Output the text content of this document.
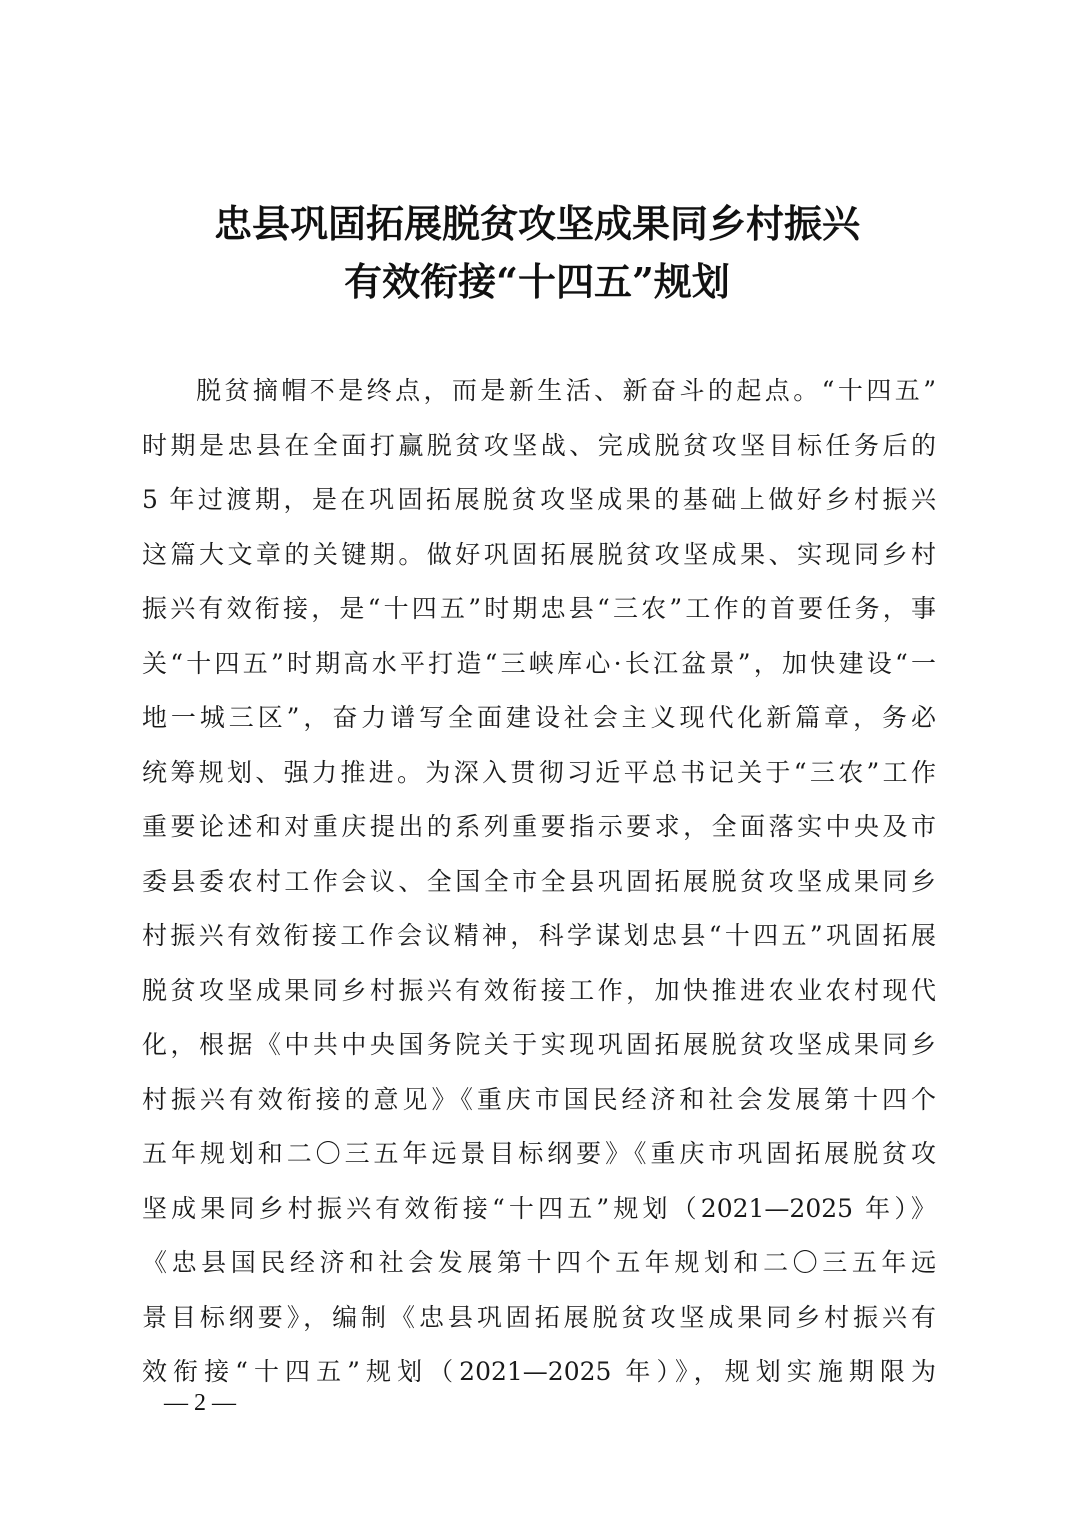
忠县巩固拓展脱贫攻坚成果同乡村振兴
有效衔接“十四五”规划
脱贫摘帽不是终点，而是新生活、新奋斗的起点。“十四五”
时期是忠县在全面打赢脱贫攻坚战、完成脱贫攻坚目标任务后的
5 年过渡期，是在巩固拓展脱贫攻坚成果的基础上做好乡村振兴
这篇大文章的关键期。做好巩固拓展脱贫攻坚成果、实现同乡村
振兴有效衔接，是“十四五”时期忠县“三农”工作的首要任务，事
关“十四五”时期高水平打造“三峡库心·长江盆景”，加快建设“一
地一城三区”，奋力谱写全面建设社会主义现代化新篇章，务必
统筹规划、强力推进。为深入贯彻习近平总书记关于“三农”工作
重要论述和对重庆提出的系列重要指示要求，全面落实中央及市
委县委农村工作会议、全国全市全县巩固拓展脱贫攻坚成果同乡
村振兴有效衔接工作会议精神，科学谋划忠县“十四五”巩固拓展
脱贫攻坚成果同乡村振兴有效衔接工作，加快推进农业农村现代
化，根据《中共中央国务院关于实现巩固拓展脱贫攻坚成果同乡
村振兴有效衔接的意见》《重庆市国民经济和社会发展第十四个
五年规划和二〇三五年远景目标纲要》《重庆市巩固拓展脱贫攻
坚成果同乡村振兴有效衔接“十四五”规划（2021—2025 年）》
《忠县国民经济和社会发展第十四个五年规划和二〇三五年远
景目标纲要》，编制《忠县巩固拓展脱贫攻坚成果同乡村振兴有
效衔接“十四五”规划（2021—2025 年）》，规划实施期限为
— 2 —
